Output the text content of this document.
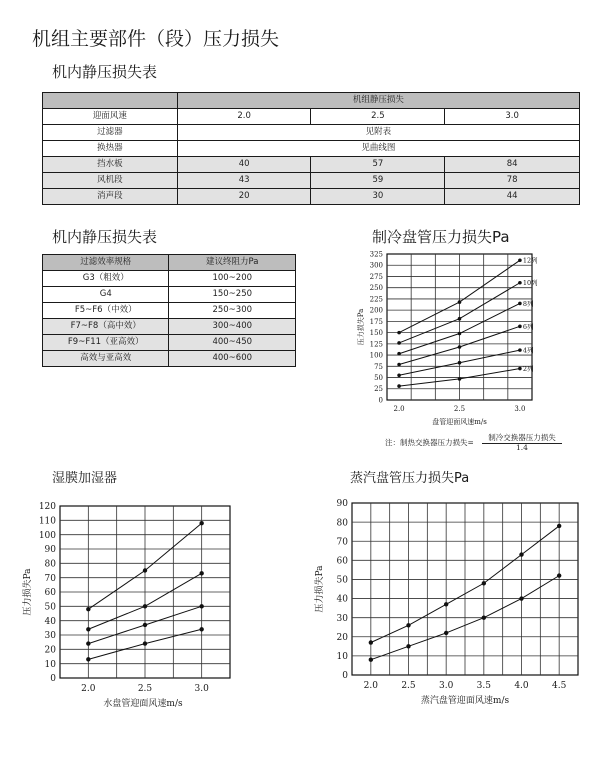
机组主要部件（段）压力损失
机内静压损失表
	机组静压损失		
迎面风速	2.0	2.5	3.0
过滤器	见附表		
换热器	见曲线图		
挡水板	40	57	84
风机段	43	59	78
消声段	20	30	44
机内静压损失表
过滤效率规格	建议终阻力Pa
G3（粗效）	100~200
G4	150~250
F5~F6（中效）	250~300
F7~F8（高中效）	300~400
F9~F11（亚高效）	400~450
高效与亚高效	400~600
制冷盘管压力损失Pa
湿膜加湿器	蒸汽盘管压力损失Pa
0
25
50
75
100
125
150
175
200
225
250
275
300
325
2.0	2.5	3.0
盘管迎面风速m/s
压力损失Pa
12列
10列
8列
6列
4列
2列
注：制热交换器压力损失=
制冷交换器压力损失
1.4
0
10
20
30
40
50
60
70
80
90
100
110
120
2.0	2.5	3.0
水盘管迎面风速m/s
压力损失Pa
0
10
20
30
40
50
60
70
80
90
2.0	2.5	3.0	3.5	4.0	4.5
蒸汽盘管迎面风速m/s
压力损失Pa
